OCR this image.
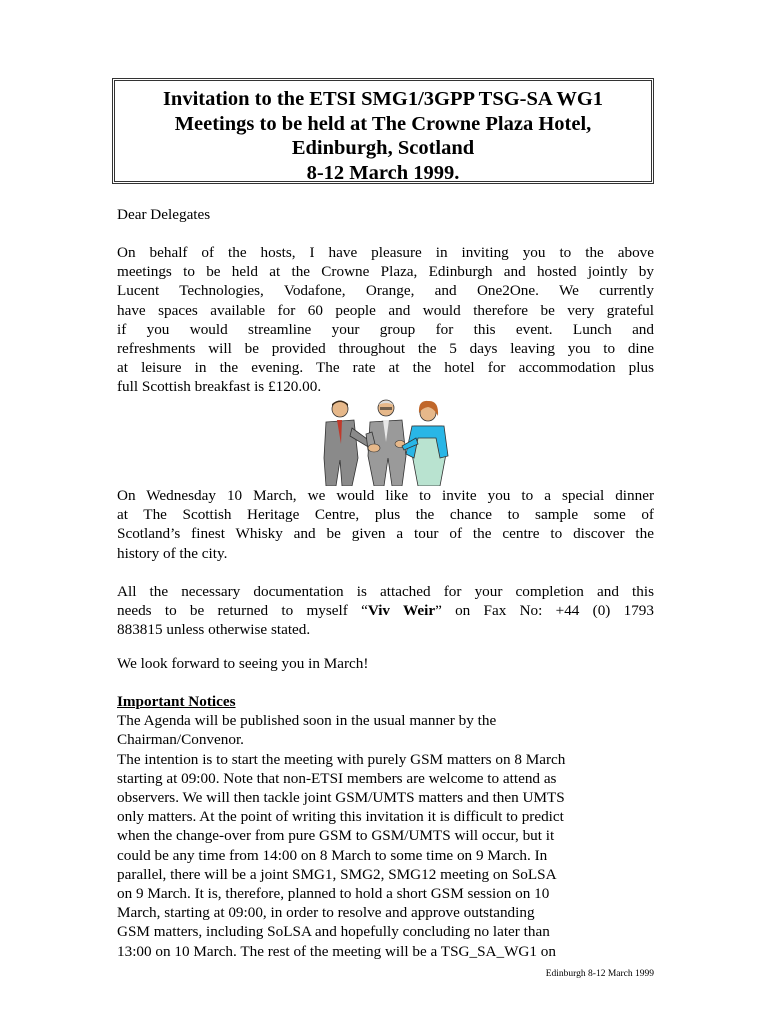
Invitation to the ETSI SMG1/3GPP TSG-SA WG1
Meetings to be held at The Crowne Plaza Hotel,
Edinburgh, Scotland
8-12 March 1999.
Dear Delegates
On behalf of the hosts, I have pleasure in inviting you to the above
meetings to be held at the Crowne Plaza, Edinburgh and hosted jointly by
Lucent Technologies, Vodafone, Orange, and One2One. We currently
have spaces available for 60 people and would therefore be very grateful
if you would streamline your group for this event. Lunch and
refreshments will be provided throughout the 5 days leaving you to dine
at leisure in the evening. The rate at the hotel for accommodation plus
full Scottish breakfast is £120.00.
On Wednesday 10 March, we would like to invite you to a special dinner
at The Scottish Heritage Centre, plus the chance to sample some of
Scotland’s finest Whisky and be given a tour of the centre to discover the
history of the city.
All the necessary documentation is attached for your completion and this
needs to be returned to myself “Viv Weir” on Fax No: +44 (0) 1793
883815 unless otherwise stated.
We look forward to seeing you in March!
Important Notices
The Agenda will be published soon in the usual manner by the
Chairman/Convenor.
The intention is to start the meeting with purely GSM matters on 8 March
starting at 09:00. Note that non-ETSI members are welcome to attend as
observers. We will then tackle joint GSM/UMTS matters and then UMTS
only matters. At the point of writing this invitation it is difficult to predict
when the change-over from pure GSM to GSM/UMTS will occur, but it
could be any time from 14:00 on 8 March to some time on 9 March. In
parallel, there will be a joint SMG1, SMG2, SMG12 meeting on SoLSA
on 9 March. It is, therefore, planned to hold a short GSM session on 10
March, starting at 09:00, in order to resolve and approve outstanding
GSM matters, including SoLSA and hopefully concluding no later than
13:00 on 10 March. The rest of the meeting will be a TSG_SA_WG1 on
Edinburgh 8-12 March 1999
